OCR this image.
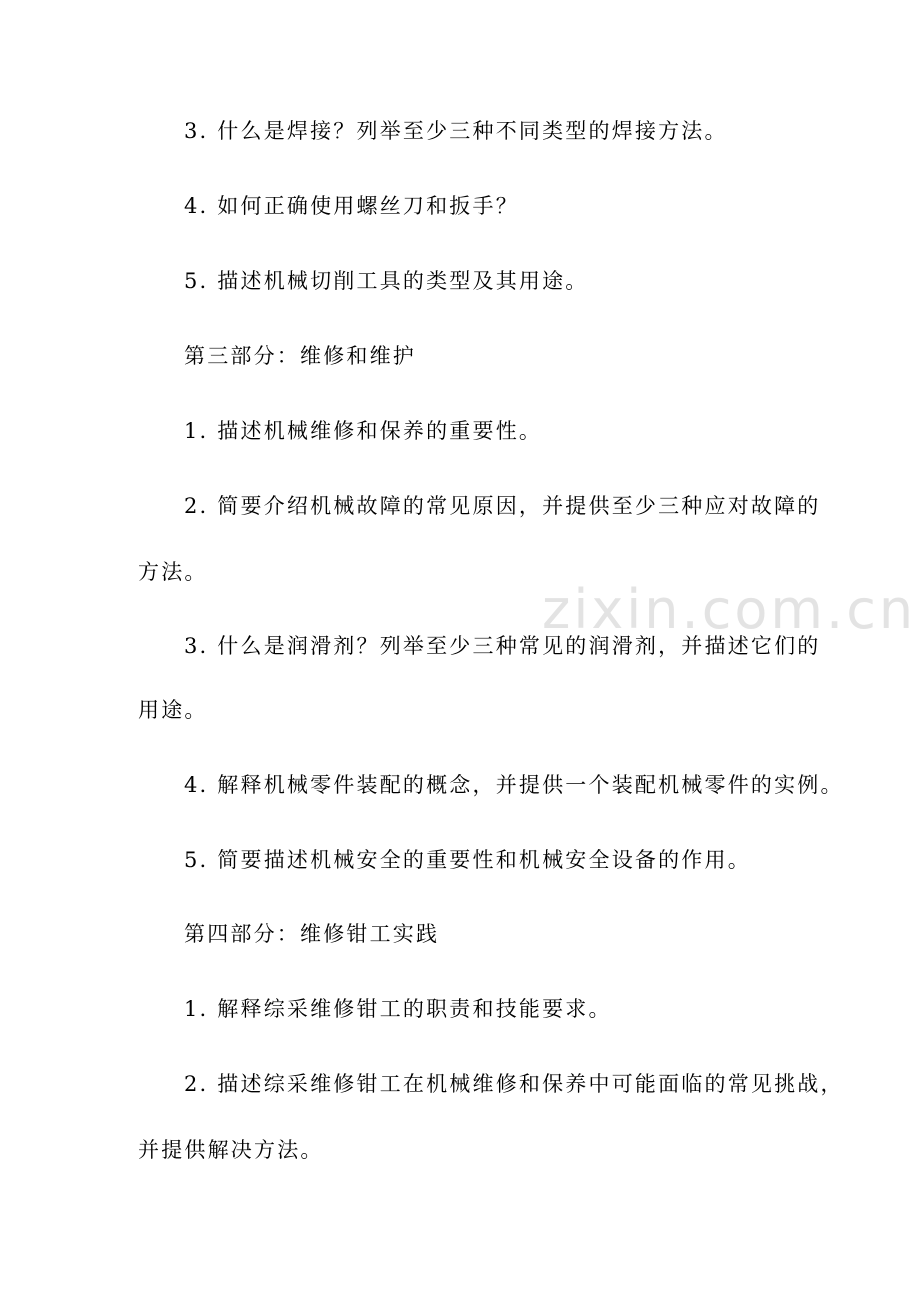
zixin.com.cn
3. 什么是焊接？列举至少三种不同类型的焊接方法。
4. 如何正确使用螺丝刀和扳手？
5. 描述机械切削工具的类型及其用途。
第三部分：维修和维护
1. 描述机械维修和保养的重要性。
2. 简要介绍机械故障的常见原因，并提供至少三种应对故障的
方法。
3. 什么是润滑剂？列举至少三种常见的润滑剂，并描述它们的
用途。
4. 解释机械零件装配的概念，并提供一个装配机械零件的实例。
5. 简要描述机械安全的重要性和机械安全设备的作用。
第四部分：维修钳工实践
1. 解释综采维修钳工的职责和技能要求。
2. 描述综采维修钳工在机械维修和保养中可能面临的常见挑战，
并提供解决方法。
